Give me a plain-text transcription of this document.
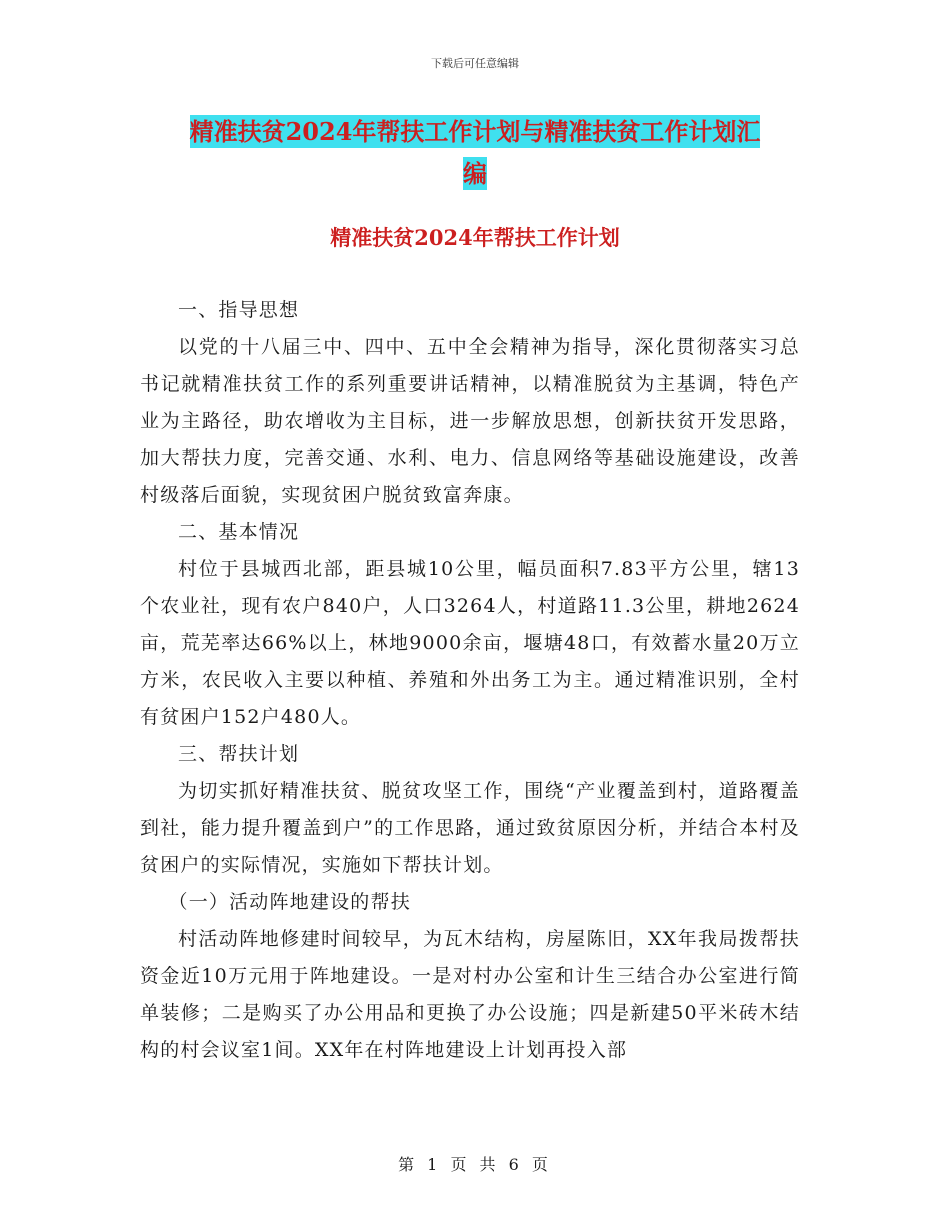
下载后可任意编辑
精准扶贫2024年帮扶工作计划与精准扶贫工作计划汇
编
精准扶贫2024年帮扶工作计划

一、指导思想

以党的十八届三中、四中、五中全会精神为指导，深化贯彻落实习总书记就精准扶贫工作的系列重要讲话精神，以精准脱贫为主基调，特色产业为主路径，助农增收为主目标，进一步解放思想，创新扶贫开发思路，加大帮扶力度，完善交通、水利、电力、信息网络等基础设施建设，改善村级落后面貌，实现贫困户脱贫致富奔康。

二、基本情况

村位于县城西北部，距县城10公里，幅员面积7.83平方公里，辖13个农业社，现有农户840户，人口3264人，村道路11.3公里，耕地2624亩，荒芜率达66%以上，林地9000余亩，堰塘48口，有效蓄水量20万立方米，农民收入主要以种植、养殖和外出务工为主。通过精准识别，全村有贫困户152户480人。

三、帮扶计划

为切实抓好精准扶贫、脱贫攻坚工作，围绕“产业覆盖到村，道路覆盖到社，能力提升覆盖到户”的工作思路，通过致贫原因分析，并结合本村及贫困户的实际情况，实施如下帮扶计划。

（一）活动阵地建设的帮扶

村活动阵地修建时间较早，为瓦木结构，房屋陈旧，XX年我局拨帮扶资金近10万元用于阵地建设。一是对村办公室和计生三结合办公室进行简单装修；二是购买了办公用品和更换了办公设施；四是新建50平米砖木结构的村会议室1间。XX年在村阵地建设上计划再投入部

第 1 页 共 6 页
